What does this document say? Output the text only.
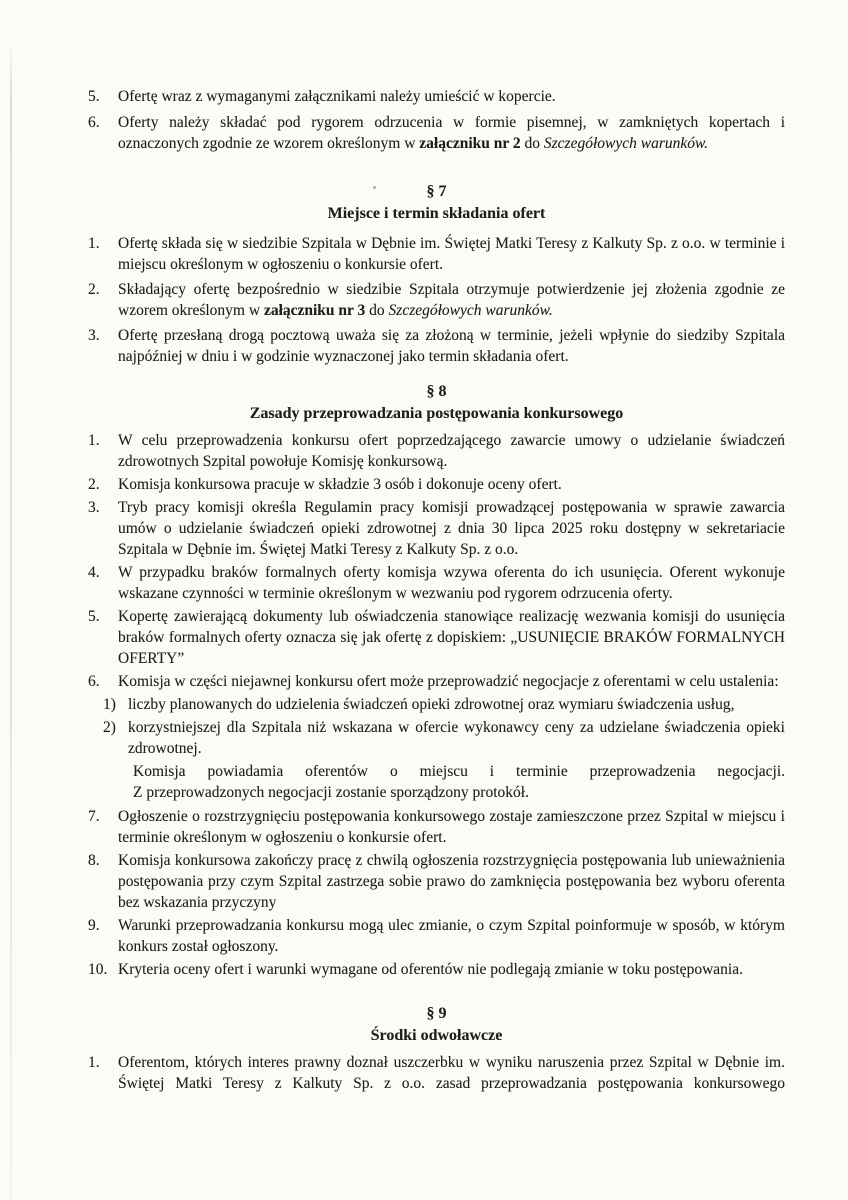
5.	Ofertę wraz z wymaganymi załącznikami należy umieścić w kopercie.
6.	Oferty należy składać pod rygorem odrzucenia w formie pisemnej, w zamkniętych kopertach i oznaczonych zgodnie ze wzorem określonym w załączniku nr 2 do Szczegółowych warunków.
§ 7
Miejsce i termin składania ofert
1.	Ofertę składa się w siedzibie Szpitala w Dębnie im. Świętej Matki Teresy z Kalkuty Sp. z o.o. w terminie i miejscu określonym w ogłoszeniu o konkursie ofert.
2.	Składający ofertę bezpośrednio w siedzibie Szpitala otrzymuje potwierdzenie jej złożenia zgodnie ze wzorem określonym w załączniku nr 3 do Szczegółowych warunków.
3.	Ofertę przesłaną drogą pocztową uważa się za złożoną w terminie, jeżeli wpłynie do siedziby Szpitala najpóźniej w dniu i w godzinie wyznaczonej jako termin składania ofert.
§ 8
Zasady przeprowadzania postępowania konkursowego
1.	W celu przeprowadzenia konkursu ofert poprzedzającego zawarcie umowy o udzielanie świadczeń zdrowotnych Szpital powołuje Komisję konkursową.
2.	Komisja konkursowa pracuje w składzie 3 osób i dokonuje oceny ofert.
3.	Tryb pracy komisji określa Regulamin pracy komisji prowadzącej postępowania w sprawie zawarcia umów o udzielanie świadczeń opieki zdrowotnej z dnia 30 lipca 2025 roku dostępny w sekretariacie Szpitala w Dębnie im. Świętej Matki Teresy z Kalkuty Sp. z o.o.
4.	W przypadku braków formalnych oferty komisja wzywa oferenta do ich usunięcia. Oferent wykonuje wskazane czynności w terminie określonym w wezwaniu pod rygorem odrzucenia oferty.
5.	Kopertę zawierającą dokumenty lub oświadczenia stanowiące realizację wezwania komisji do usunięcia braków formalnych oferty oznacza się jak ofertę z dopiskiem: „USUNIĘCIE BRAKÓW FORMALNYCH OFERTY”
6.	Komisja w części niejawnej konkursu ofert może przeprowadzić negocjacje z oferentami w celu ustalenia:
1) liczby planowanych do udzielenia świadczeń opieki zdrowotnej oraz wymiaru świadczenia usług,
2) korzystniejszej dla Szpitala niż wskazana w ofercie wykonawcy ceny za udzielane świadczenia opieki zdrowotnej.
Komisja powiadamia oferentów o miejscu i terminie przeprowadzenia negocjacji.
Z przeprowadzonych negocjacji zostanie sporządzony protokół.
7.	Ogłoszenie o rozstrzygnięciu postępowania konkursowego zostaje zamieszczone przez Szpital w miejscu i terminie określonym w ogłoszeniu o konkursie ofert.
8.	Komisja konkursowa zakończy pracę z chwilą ogłoszenia rozstrzygnięcia postępowania lub unieważnienia postępowania przy czym Szpital zastrzega sobie prawo do zamknięcia postępowania bez wyboru oferenta bez wskazania przyczyny
9.	Warunki przeprowadzania konkursu mogą ulec zmianie, o czym Szpital poinformuje w sposób, w którym konkurs został ogłoszony.
10. Kryteria oceny ofert i warunki wymagane od oferentów nie podlegają zmianie w toku postępowania.
§ 9
Środki odwoławcze
1.	Oferentom, których interes prawny doznał uszczerbku w wyniku naruszenia przez Szpital w Dębnie im. Świętej Matki Teresy z Kalkuty Sp. z o.o. zasad przeprowadzania postępowania konkursowego
